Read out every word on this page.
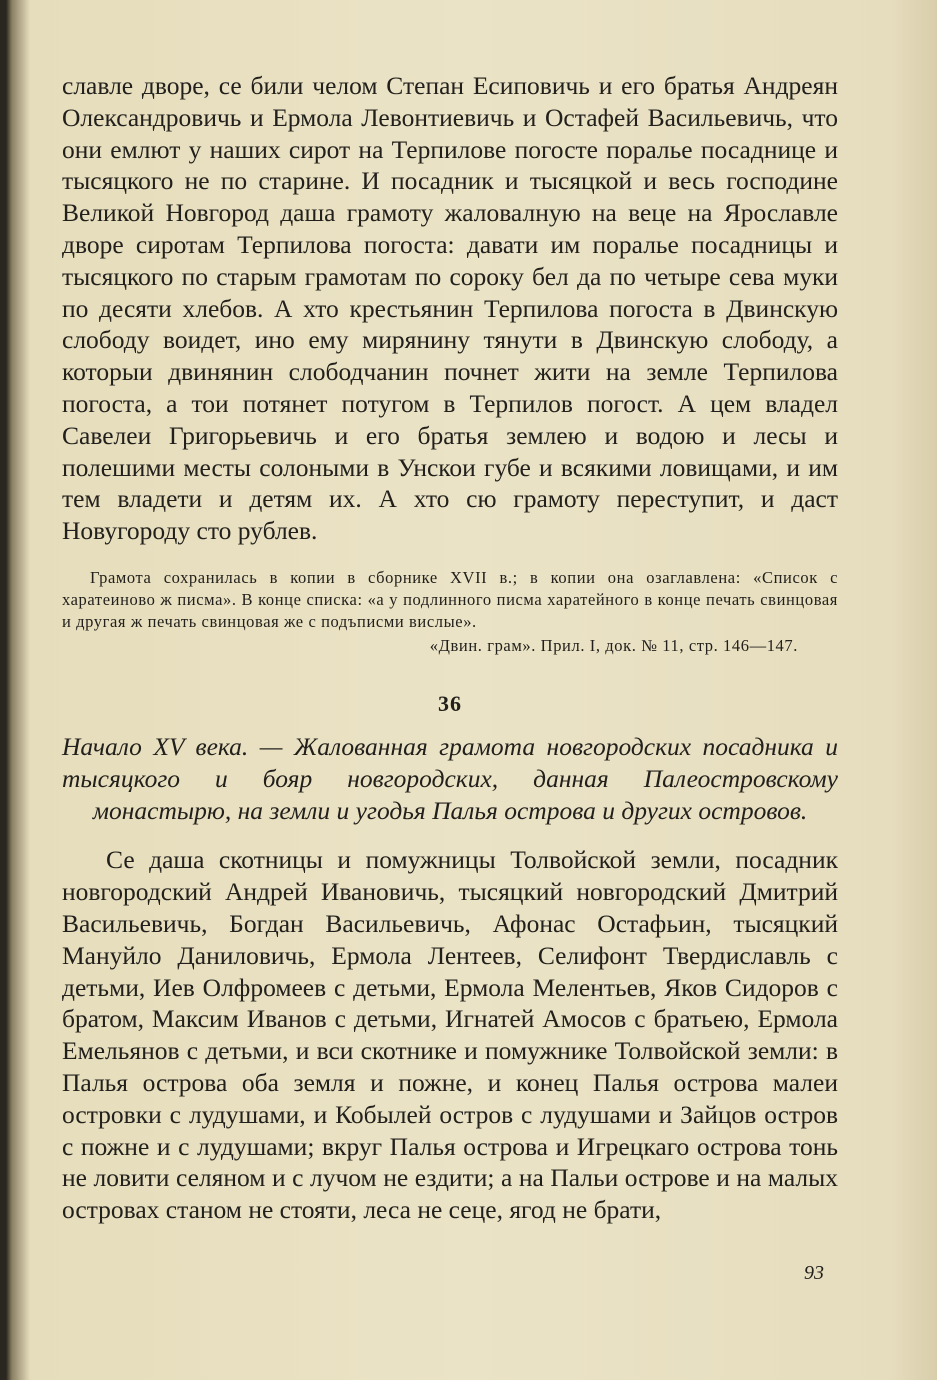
славле дворе, се били челом Степан Есиповичь и его братья Андреян Олександровичь и Ермола Левонтиевичь и Остафей Васильевичь, что они емлют у наших сирот на Терпилове погосте поралье посаднице и тысяцкого не по старине. И посадник и тысяцкой и весь господине Великой Новгород даша грамоту жаловалную на веце на Ярославле дворе сиротам Терпилова погоста: давати им поралье посадницы и тысяцкого по старым грамотам по сороку бел да по четыре сева муки по десяти хлебов. А хто крестьянин Терпилова погоста в Двинскую слободу воидет, ино ему мирянину тянути в Двинскую слободу, а которыи двинянин слободчанин почнет жити на земле Терпилова погоста, а тои потянет потугом в Терпилов погост. А цем владел Савелеи Григорьевичь и его братья землею и водою и лесы и полешими месты солоными в Унскои губе и всякими ловищами, и им тем владети и детям их. А хто сю грамоту переступит, и даст Новугороду сто рублев.

Грамота сохранилась в копии в сборнике XVII в.; в копии она озаглавлена: «Список с харатеиново ж писма». В конце списка: «а у подлинного писма харатейного в конце печать свинцовая и другая ж печать свинцовая же с подъписми вислые».

«Двин. грам». Прил. I, док. № 11, стр. 146—147.

36

Начало XV века. — Жалованная грамота новгородских посадника и тысяцкого и бояр новгородских, данная Палеостровскому монастырю, на земли и угодья Палья острова и других островов.

Се даша скотницы и помужницы Толвойской земли, посадник новгородский Андрей Ивановичь, тысяцкий новгородский Дмитрий Васильевичь, Богдан Васильевичь, Афонас Остафьин, тысяцкий Мануйло Даниловичь, Ермола Лентеев, Селифонт Твердиславль с детьми, Иев Олфромеев с детьми, Ермола Мелентьев, Яков Сидоров с братом, Максим Иванов с детьми, Игнатей Амосов с братьею, Ермола Емельянов с детьми, и вси скотнике и помужнике Толвойской земли: в Палья острова оба земля и пожне, и конец Палья острова малеи островки с лудушами, и Кобылей остров с лудушами и Зайцов остров с пожне и с лудушами; вкруг Палья острова и Игрецкаго острова тонь не ловити селяном и с лучом не ездити; а на Пальи острове и на малых островах станом не стояти, леса не сеце, ягод не брати,

93
